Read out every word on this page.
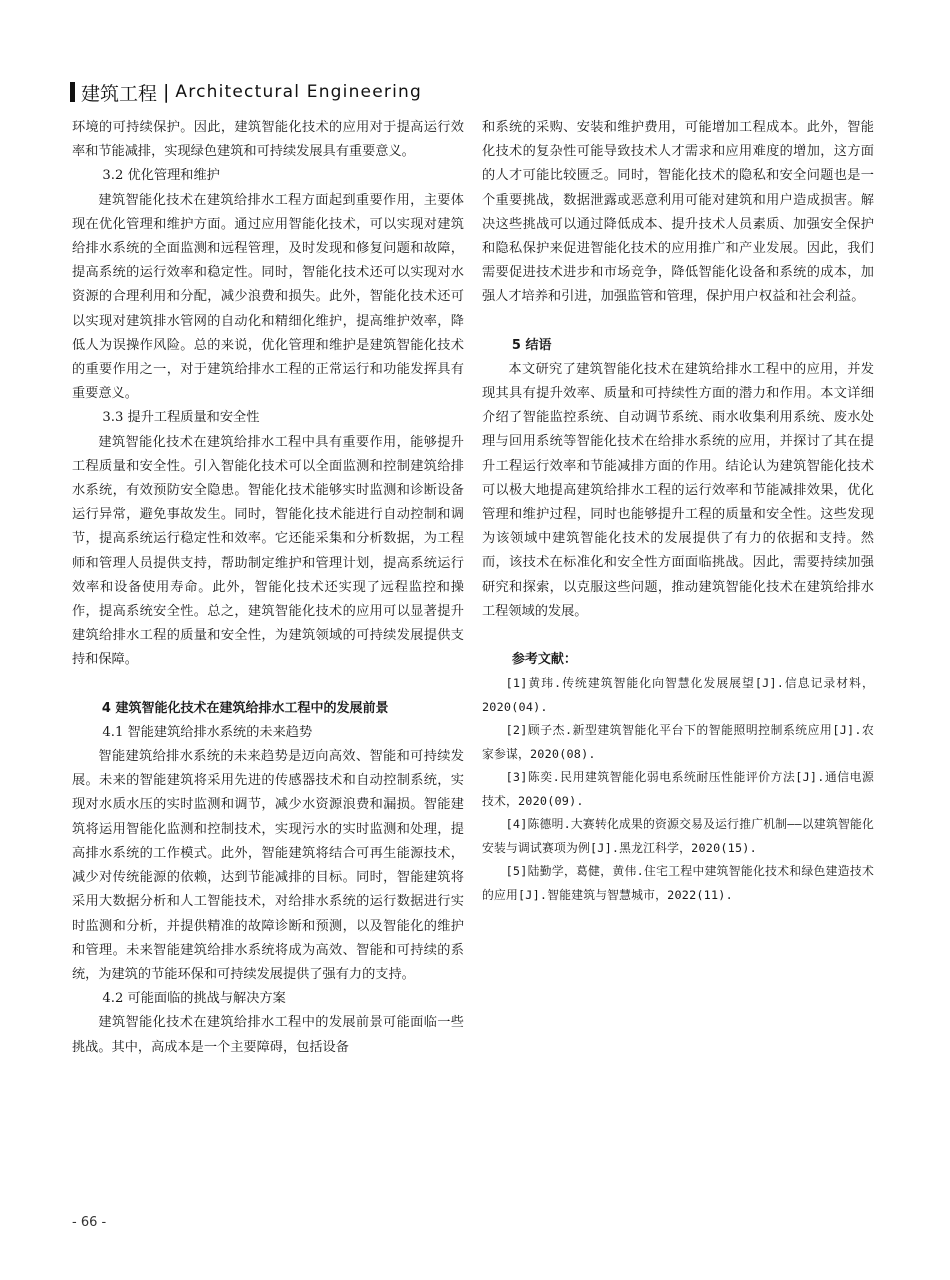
建筑工程 | Architectural Engineering

环境的可持续保护。因此，建筑智能化技术的应用对于提高运行效率和节能减排，实现绿色建筑和可持续发展具有重要意义。

3.2 优化管理和维护

建筑智能化技术在建筑给排水工程方面起到重要作用，主要体现在优化管理和维护方面。通过应用智能化技术，可以实现对建筑给排水系统的全面监测和远程管理，及时发现和修复问题和故障，提高系统的运行效率和稳定性。同时，智能化技术还可以实现对水资源的合理利用和分配，减少浪费和损失。此外，智能化技术还可以实现对建筑排水管网的自动化和精细化维护，提高维护效率，降低人为误操作风险。总的来说，优化管理和维护是建筑智能化技术的重要作用之一，对于建筑给排水工程的正常运行和功能发挥具有重要意义。

3.3 提升工程质量和安全性

建筑智能化技术在建筑给排水工程中具有重要作用，能够提升工程质量和安全性。引入智能化技术可以全面监测和控制建筑给排水系统，有效预防安全隐患。智能化技术能够实时监测和诊断设备运行异常，避免事故发生。同时，智能化技术能进行自动控制和调节，提高系统运行稳定性和效率。它还能采集和分析数据，为工程师和管理人员提供支持，帮助制定维护和管理计划，提高系统运行效率和设备使用寿命。此外，智能化技术还实现了远程监控和操作，提高系统安全性。总之，建筑智能化技术的应用可以显著提升建筑给排水工程的质量和安全性，为建筑领域的可持续发展提供支持和保障。

4 建筑智能化技术在建筑给排水工程中的发展前景
4.1 智能建筑给排水系统的未来趋势

智能建筑给排水系统的未来趋势是迈向高效、智能和可持续发展。未来的智能建筑将采用先进的传感器技术和自动控制系统，实现对水质水压的实时监测和调节，减少水资源浪费和漏损。智能建筑将运用智能化监测和控制技术，实现污水的实时监测和处理，提高排水系统的工作模式。此外，智能建筑将结合可再生能源技术，减少对传统能源的依赖，达到节能减排的目标。同时，智能建筑将采用大数据分析和人工智能技术，对给排水系统的运行数据进行实时监测和分析，并提供精准的故障诊断和预测，以及智能化的维护和管理。未来智能建筑给排水系统将成为高效、智能和可持续的系统，为建筑的节能环保和可持续发展提供了强有力的支持。

4.2 可能面临的挑战与解决方案

建筑智能化技术在建筑给排水工程中的发展前景可能面临一些挑战。其中，高成本是一个主要障碍，包括设备

和系统的采购、安装和维护费用，可能增加工程成本。此外，智能化技术的复杂性可能导致技术人才需求和应用难度的增加，这方面的人才可能比较匮乏。同时，智能化技术的隐私和安全问题也是一个重要挑战，数据泄露或恶意利用可能对建筑和用户造成损害。解决这些挑战可以通过降低成本、提升技术人员素质、加强安全保护和隐私保护来促进智能化技术的应用推广和产业发展。因此，我们需要促进技术进步和市场竞争，降低智能化设备和系统的成本，加强人才培养和引进，加强监管和管理，保护用户权益和社会利益。

5 结语

本文研究了建筑智能化技术在建筑给排水工程中的应用，并发现其具有提升效率、质量和可持续性方面的潜力和作用。本文详细介绍了智能监控系统、自动调节系统、雨水收集利用系统、废水处理与回用系统等智能化技术在给排水系统的应用，并探讨了其在提升工程运行效率和节能减排方面的作用。结论认为建筑智能化技术可以极大地提高建筑给排水工程的运行效率和节能减排效果，优化管理和维护过程，同时也能够提升工程的质量和安全性。这些发现为该领域中建筑智能化技术的发展提供了有力的依据和支持。然而，该技术在标准化和安全性方面面临挑战。因此，需要持续加强研究和探索，以克服这些问题，推动建筑智能化技术在建筑给排水工程领域的发展。

参考文献：

[1]黄玮.传统建筑智能化向智慧化发展展望[J].信息记录材料，2020(04).

[2]顾子杰.新型建筑智能化平台下的智能照明控制系统应用[J].农家参谋，2020(08).

[3]陈奕.民用建筑智能化弱电系统耐压性能评价方法[J].通信电源技术，2020(09).

[4]陈德明.大赛转化成果的资源交易及运行推广机制——以建筑智能化安装与调试赛项为例[J].黑龙江科学，2020(15).

[5]陆勤学，葛健，黄伟.住宅工程中建筑智能化技术和绿色建造技术的应用[J].智能建筑与智慧城市，2022(11).

- 66 -
